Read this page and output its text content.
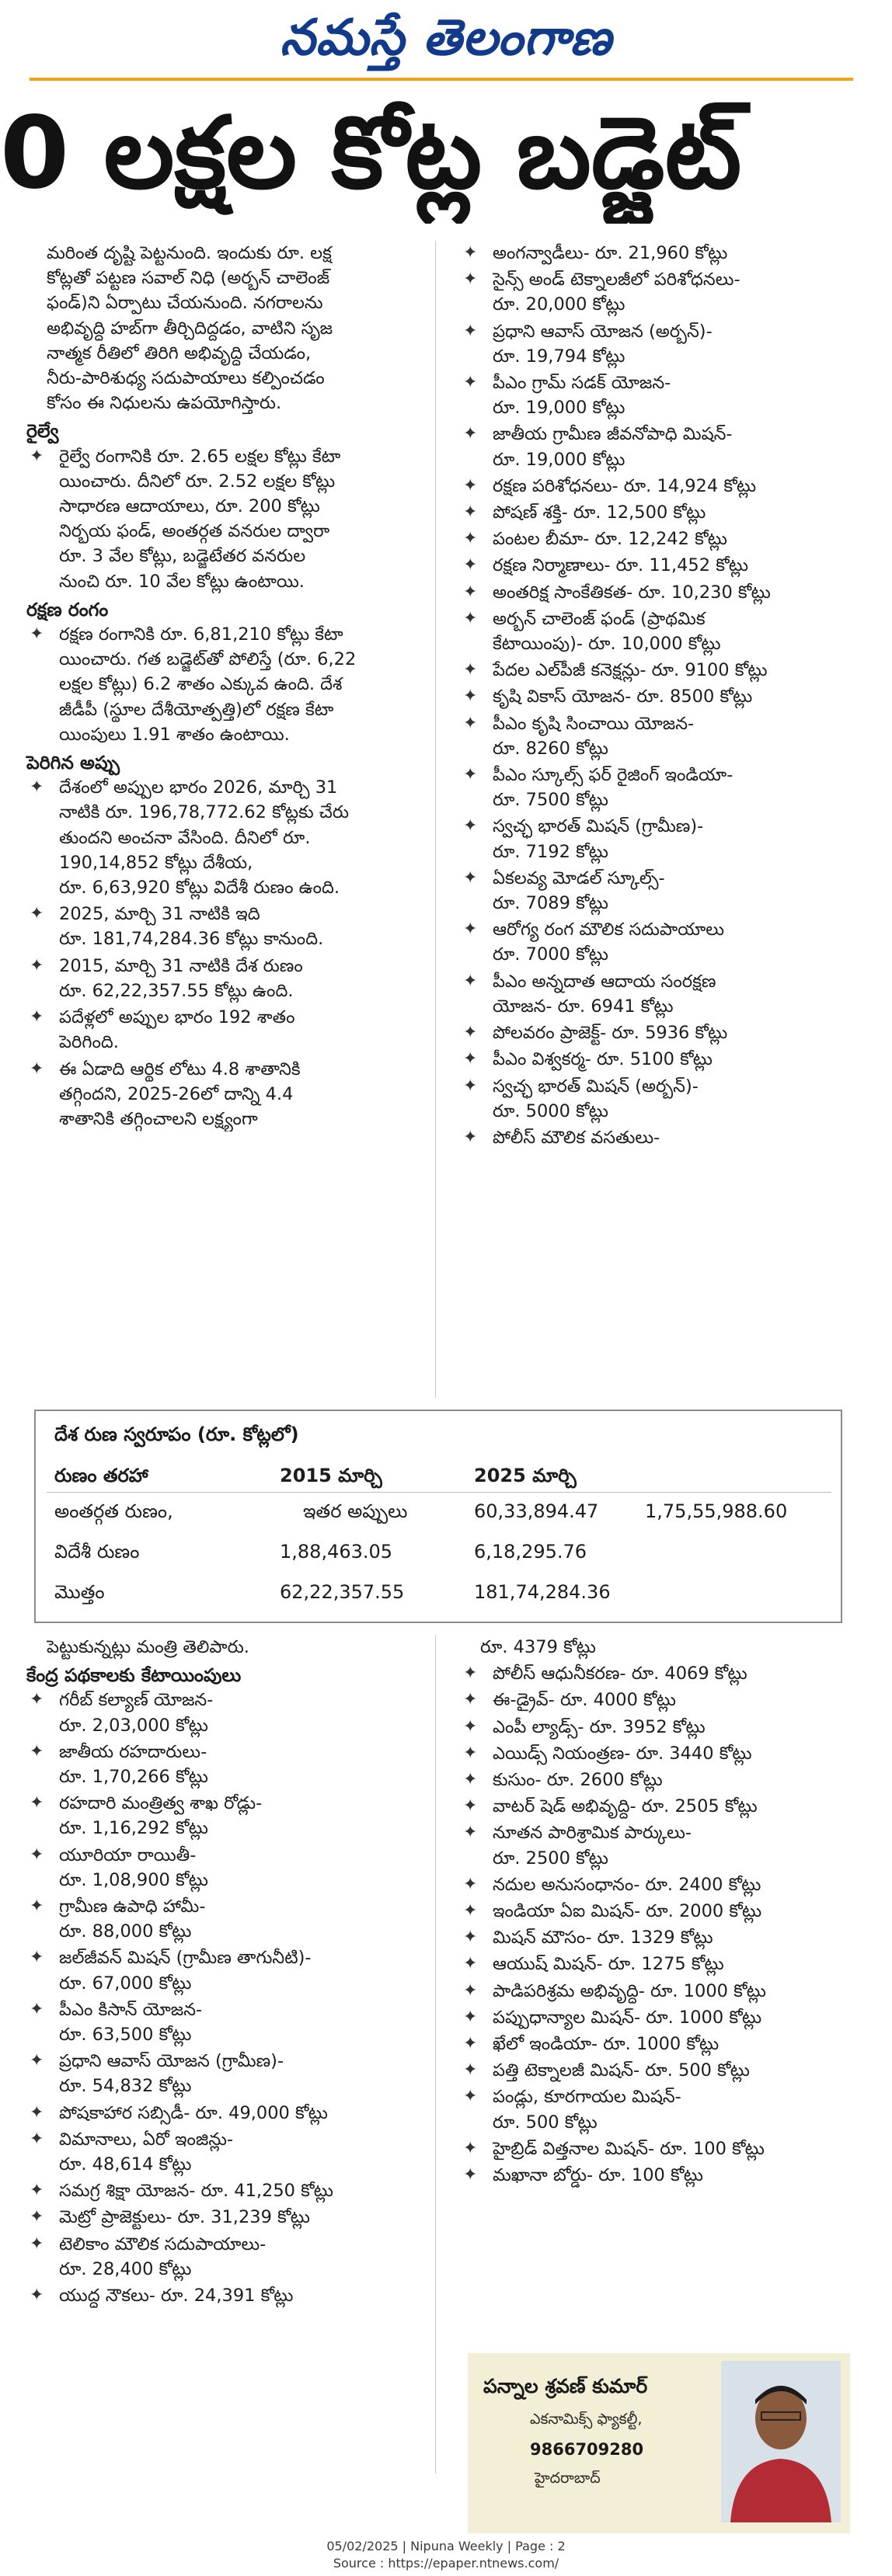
నమస్తే తెలంగాణ
0 లక్షల కోట్ల బడ్జెట్
మరింత దృష్టి పెట్టనుంది. ఇందుకు రూ. లక్ష
కోట్లతో పట్టణ సవాల్ నిధి (అర్బన్ చాలెంజ్
ఫండ్)ని ఏర్పాటు చేయనుంది. నగరాలను
అభివృద్ధి హబ్‌గా తీర్చిదిద్దడం, వాటిని సృజ
నాత్మక రీతిలో తిరిగి అభివృద్ధి చేయడం,
నీరు-పారిశుధ్య సదుపాయాలు కల్పించడం
కోసం ఈ నిధులను ఉపయోగిస్తారు.
రైల్వే
✦ రైల్వే రంగానికి రూ. 2.65 లక్షల కోట్లు కేటా
యించారు. దీనిలో రూ. 2.52 లక్షల కోట్లు
సాధారణ ఆదాయాలు, రూ. 200 కోట్లు
నిర్భయ ఫండ్, అంతర్గత వనరుల ద్వారా
రూ. 3 వేల కోట్లు, బడ్జెటేతర వనరుల
నుంచి రూ. 10 వేల కోట్లు ఉంటాయి.
రక్షణ రంగం
✦ రక్షణ రంగానికి రూ. 6,81,210 కోట్లు కేటా
యించారు. గత బడ్జెట్‌తో పోలిస్తే (రూ. 6,22
లక్షల కోట్లు) 6.2 శాతం ఎక్కువ ఉంది. దేశ
జీడీపీ (స్థూల దేశీయోత్పత్తి)లో రక్షణ కేటా
యింపులు 1.91 శాతం ఉంటాయి.
పెరిగిన అప్పు
✦ దేశంలో అప్పుల భారం 2026, మార్చి 31
నాటికి రూ. 196,78,772.62 కోట్లకు చేరు
తుందని అంచనా వేసింది. దీనిలో రూ.
190,14,852 కోట్లు దేశీయ,
రూ. 6,63,920 కోట్లు విదేశీ రుణం ఉంది.
✦ 2025, మార్చి 31 నాటికి ఇది
రూ. 181,74,284.36 కోట్లు కానుంది.
✦ 2015, మార్చి 31 నాటికి దేశ రుణం
రూ. 62,22,357.55 కోట్లు ఉంది.
✦ పదేళ్లలో అప్పుల భారం 192 శాతం
పెరిగింది.
✦ ఈ ఏడాది ఆర్థిక లోటు 4.8 శాతానికి
తగ్గిందని, 2025-26లో దాన్ని 4.4
శాతానికి తగ్గించాలని లక్ష్యంగా
✦ అంగన్వాడీలు- రూ. 21,960 కోట్లు
✦ సైన్స్ అండ్ టెక్నాలజీలో పరిశోధనలు-
రూ. 20,000 కోట్లు
✦ ప్రధాని ఆవాస్ యోజన (అర్బన్)-
రూ. 19,794 కోట్లు
✦ పీఎం గ్రామ్ సడక్ యోజన-
రూ. 19,000 కోట్లు
✦ జాతీయ గ్రామీణ జీవనోపాధి మిషన్-
రూ. 19,000 కోట్లు
✦ రక్షణ పరిశోధనలు- రూ. 14,924 కోట్లు
✦ పోషణ్ శక్తి- రూ. 12,500 కోట్లు
✦ పంటల బీమా- రూ. 12,242 కోట్లు
✦ రక్షణ నిర్మాణాలు- రూ. 11,452 కోట్లు
✦ అంతరిక్ష సాంకేతికత- రూ. 10,230 కోట్లు
✦ అర్బన్ చాలెంజ్ ఫండ్ (ప్రాథమిక
కేటాయింపు)- రూ. 10,000 కోట్లు
✦ పేదల ఎల్‌పీజీ కనెక్షన్లు- రూ. 9100 కోట్లు
✦ కృషి వికాస్ యోజన- రూ. 8500 కోట్లు
✦ పీఎం కృషి సించాయి యోజన-
రూ. 8260 కోట్లు
✦ పీఎం స్కూల్స్ ఫర్ రైజింగ్ ఇండియా-
రూ. 7500 కోట్లు
✦ స్వచ్ఛ భారత్ మిషన్ (గ్రామీణ)-
రూ. 7192 కోట్లు
✦ ఏకలవ్య మోడల్ స్కూల్స్-
రూ. 7089 కోట్లు
✦ ఆరోగ్య రంగ మౌలిక సదుపాయాలు
రూ. 7000 కోట్లు
✦ పీఎం అన్నదాత ఆదాయ సంరక్షణ
యోజన- రూ. 6941 కోట్లు
✦ పోలవరం ప్రాజెక్ట్- రూ. 5936 కోట్లు
✦ పీఎం విశ్వకర్మ- రూ. 5100 కోట్లు
✦ స్వచ్ఛ భారత్ మిషన్ (అర్బన్)-
రూ. 5000 కోట్లు
✦ పోలీస్ మౌలిక వసతులు-
దేశ రుణ స్వరూపం (రూ. కోట్లలో)
రుణం తరహా	2015 మార్చి	2025 మార్చి
అంతర్గత రుణం,	ఇతర అప్పులు	60,33,894.47 1,75,55,988.60
విదేశీ రుణం	1,88,463.05	6,18,295.76
మొత్తం	62,22,357.55	181,74,284.36
పెట్టుకున్నట్లు మంత్రి తెలిపారు.
కేంద్ర పథకాలకు కేటాయింపులు
✦ గరీబ్ కల్యాణ్ యోజన-
రూ. 2,03,000 కోట్లు
✦ జాతీయ రహదారులు-
రూ. 1,70,266 కోట్లు
✦ రహదారి మంత్రిత్వ శాఖ రోడ్లు-
రూ. 1,16,292 కోట్లు
✦ యూరియా రాయితీ-
రూ. 1,08,900 కోట్లు
✦ గ్రామీణ ఉపాధి హామీ-
రూ. 88,000 కోట్లు
✦ జల్‌జీవన్ మిషన్ (గ్రామీణ తాగునీటి)-
రూ. 67,000 కోట్లు
✦ పీఎం కిసాన్ యోజన-
రూ. 63,500 కోట్లు
✦ ప్రధాని ఆవాస్ యోజన (గ్రామీణ)-
రూ. 54,832 కోట్లు
✦ పోషకాహార సబ్సిడీ- రూ. 49,000 కోట్లు
✦ విమానాలు, ఏరో ఇంజిన్లు-
రూ. 48,614 కోట్లు
✦ సమగ్ర శిక్షా యోజన- రూ. 41,250 కోట్లు
✦ మెట్రో ప్రాజెక్టులు- రూ. 31,239 కోట్లు
✦ టెలికాం మౌలిక సదుపాయాలు-
రూ. 28,400 కోట్లు
✦ యుద్ధ నౌకలు- రూ. 24,391 కోట్లు
రూ. 4379 కోట్లు
✦ పోలీస్ ఆధునీకరణ- రూ. 4069 కోట్లు
✦ ఈ-డ్రైవ్- రూ. 4000 కోట్లు
✦ ఎంపీ ల్యాడ్స్- రూ. 3952 కోట్లు
✦ ఎయిడ్స్ నియంత్రణ- రూ. 3440 కోట్లు
✦ కుసుం- రూ. 2600 కోట్లు
✦ వాటర్ షెడ్ అభివృద్ధి- రూ. 2505 కోట్లు
✦ నూతన పారిశ్రామిక పార్కులు-
రూ. 2500 కోట్లు
✦ నదుల అనుసంధానం- రూ. 2400 కోట్లు
✦ ఇండియా ఏఐ మిషన్- రూ. 2000 కోట్లు
✦ మిషన్ మౌసం- రూ. 1329 కోట్లు
✦ ఆయుష్ మిషన్- రూ. 1275 కోట్లు
✦ పాడిపరిశ్రమ అభివృద్ధి- రూ. 1000 కోట్లు
✦ పప్పుధాన్యాల మిషన్- రూ. 1000 కోట్లు
✦ ఖేలో ఇండియా- రూ. 1000 కోట్లు
✦ పత్తి టెక్నాలజీ మిషన్- రూ. 500 కోట్లు
✦ పండ్లు, కూరగాయల మిషన్-
రూ. 500 కోట్లు
✦ హైబ్రిడ్ విత్తనాల మిషన్- రూ. 100 కోట్లు
✦ మఖానా బోర్డు- రూ. 100 కోట్లు
పన్నాల శ్రవణ్ కుమార్
ఎకనామిక్స్ ఫ్యాకల్టీ,
9866709280
హైదరాబాద్
05/02/2025 | Nipuna Weekly | Page : 2
Source : https://epaper.ntnews.com/
